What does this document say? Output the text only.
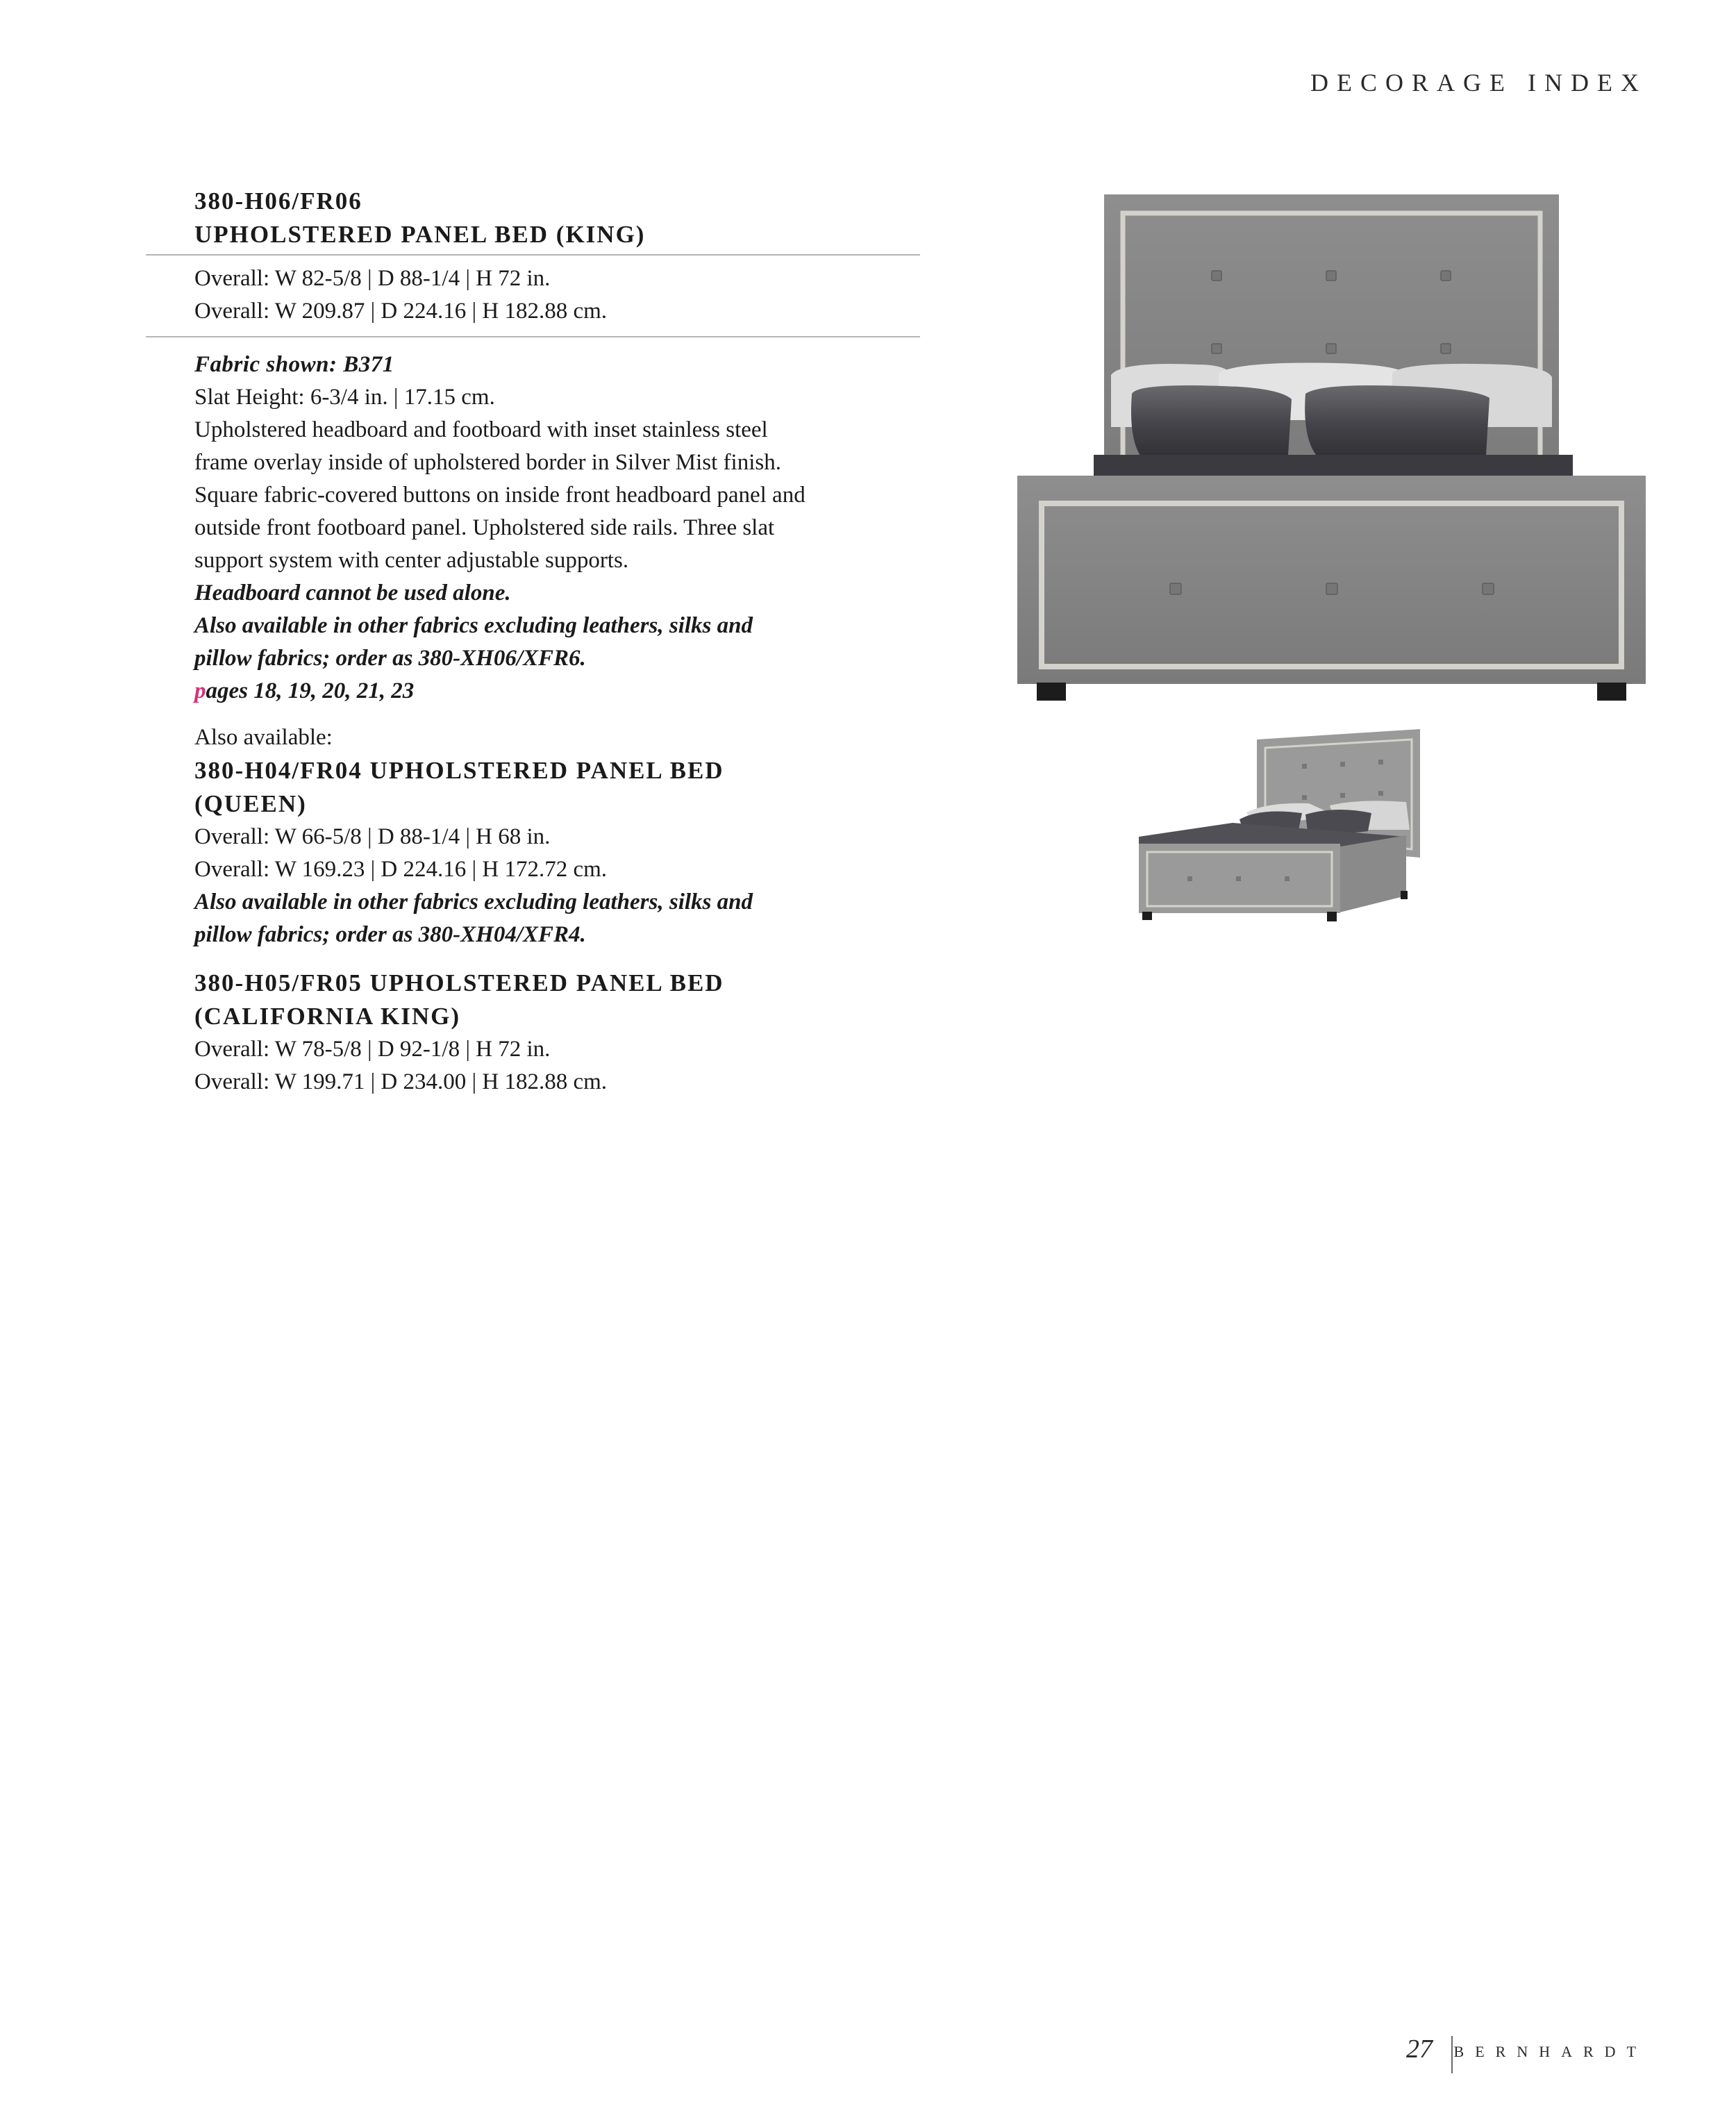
DECORAGE INDEX
380-H06/FR06
UPHOLSTERED PANEL BED (KING)
Overall: W 82-5/8 | D 88-1/4 | H 72 in.
Overall: W 209.87 | D 224.16 | H 182.88 cm.
Fabric shown: B371
Slat Height: 6-3/4 in. | 17.15 cm.
Upholstered headboard and footboard with inset stainless steel
frame overlay inside of upholstered border in Silver Mist finish.
Square fabric-covered buttons on inside front headboard panel and
outside front footboard panel. Upholstered side rails. Three slat
support system with center adjustable supports.
Headboard cannot be used alone.
Also available in other fabrics excluding leathers, silks and
pillow fabrics; order as 380-XH06/XFR6.
pages 18, 19, 20, 21, 23
Also available:
380-H04/FR04 UPHOLSTERED PANEL BED
(QUEEN)
Overall: W 66-5/8 | D 88-1/4 | H 68 in.
Overall: W 169.23 | D 224.16 | H 172.72 cm.
Also available in other fabrics excluding leathers, silks and
pillow fabrics; order as 380-XH04/XFR4.
380-H05/FR05 UPHOLSTERED PANEL BED
(CALIFORNIA KING)
Overall: W 78-5/8 | D 92-1/8 | H 72 in.
Overall: W 199.71 | D 234.00 | H 182.88 cm.
27 BERNHARDT
